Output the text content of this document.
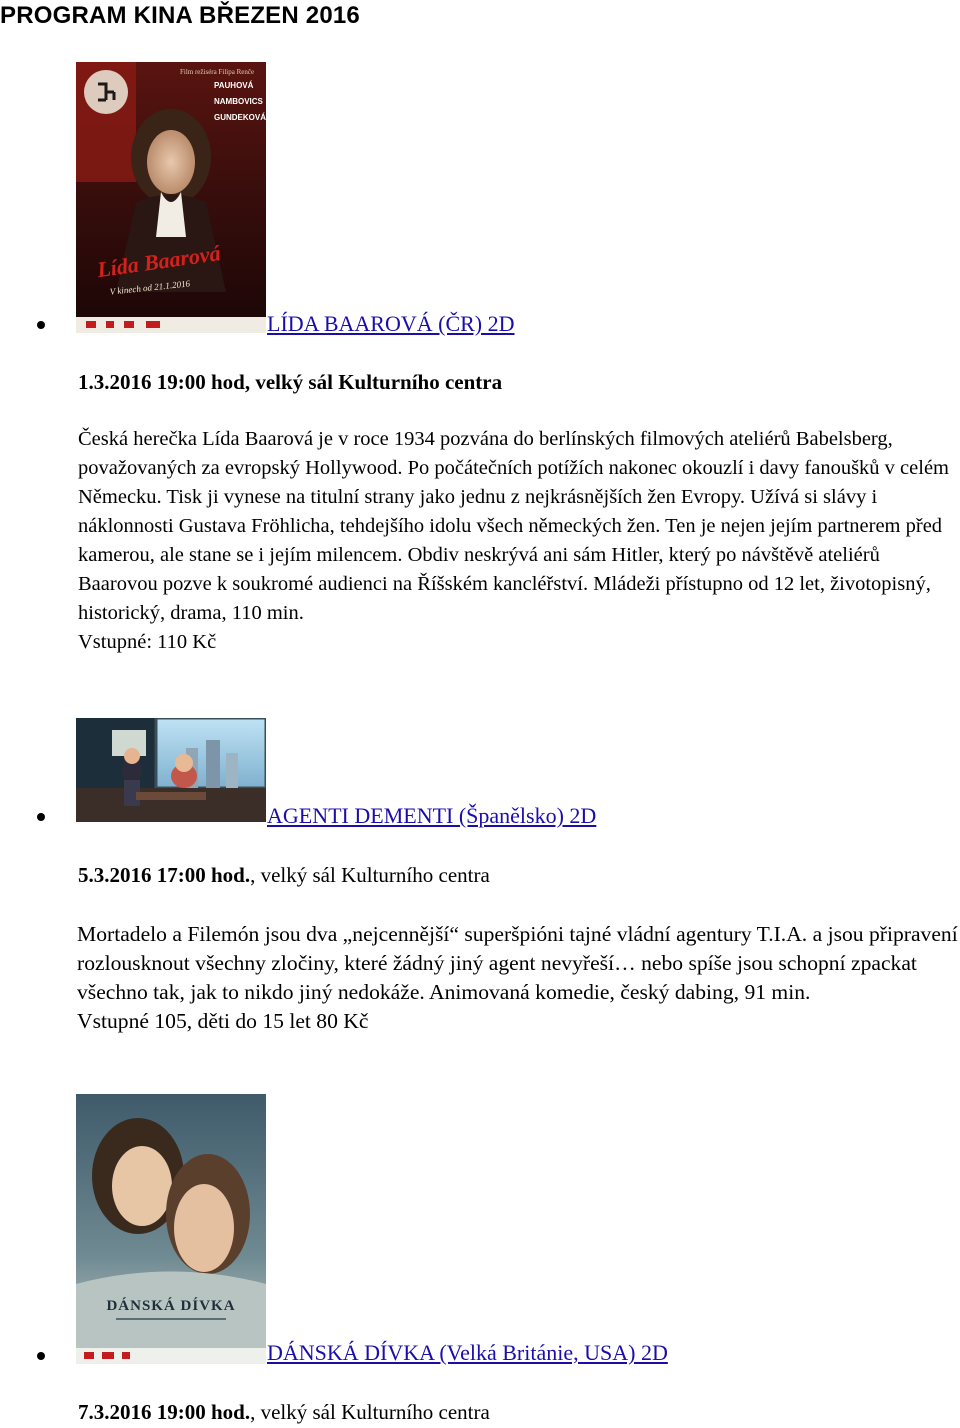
PROGRAM KINA BŘEZEN 2016
Film režiséra Filipa Renče
PAUHOVÁ
NAMBOVICS
GUNDEKOVÁ
Lída Baarová
V kinech od 21.1.2016
LÍDA BAAROVÁ (ČR) 2D
1.3.2016 19:00 hod, velký sál Kulturního centra
Česká herečka Lída Baarová je v roce 1934 pozvána do berlínských filmových ateliérů Babelsberg, považovaných za evropský Hollywood. Po počátečních potížích nakonec okouzlí i davy fanoušků v celém Německu. Tisk ji vynese na titulní strany jako jednu z nejkrásnějších žen Evropy. Užívá si slávy i náklonnosti Gustava Fröhlicha, tehdejšího idolu všech německých žen. Ten je nejen jejím partnerem před kamerou, ale stane se i jejím milencem. Obdiv neskrývá ani sám Hitler, který po návštěvě ateliérů Baarovou pozve k soukromé audienci na Říšském kancléřství. Mládeži přístupno od 12 let, životopisný, historický, drama, 110 min.
Vstupné: 110 Kč
AGENTI DEMENTI (Španělsko) 2D
5.3.2016 17:00 hod., velký sál Kulturního centra
Mortadelo a Filemón jsou dva „nejcennější“ superšpióni tajné vládní agentury T.I.A. a jsou připravení rozlousknout všechny zločiny, které žádný jiný agent nevyřeší… nebo spíše jsou schopní zpackat všechno tak, jak to nikdo jiný nedokáže. Animovaná komedie, český dabing, 91 min.
Vstupné 105, děti do 15 let 80 Kč
DÁNSKÁ DÍVKA
DÁNSKÁ DÍVKA (Velká Británie, USA) 2D
7.3.2016 19:00 hod., velký sál Kulturního centra
